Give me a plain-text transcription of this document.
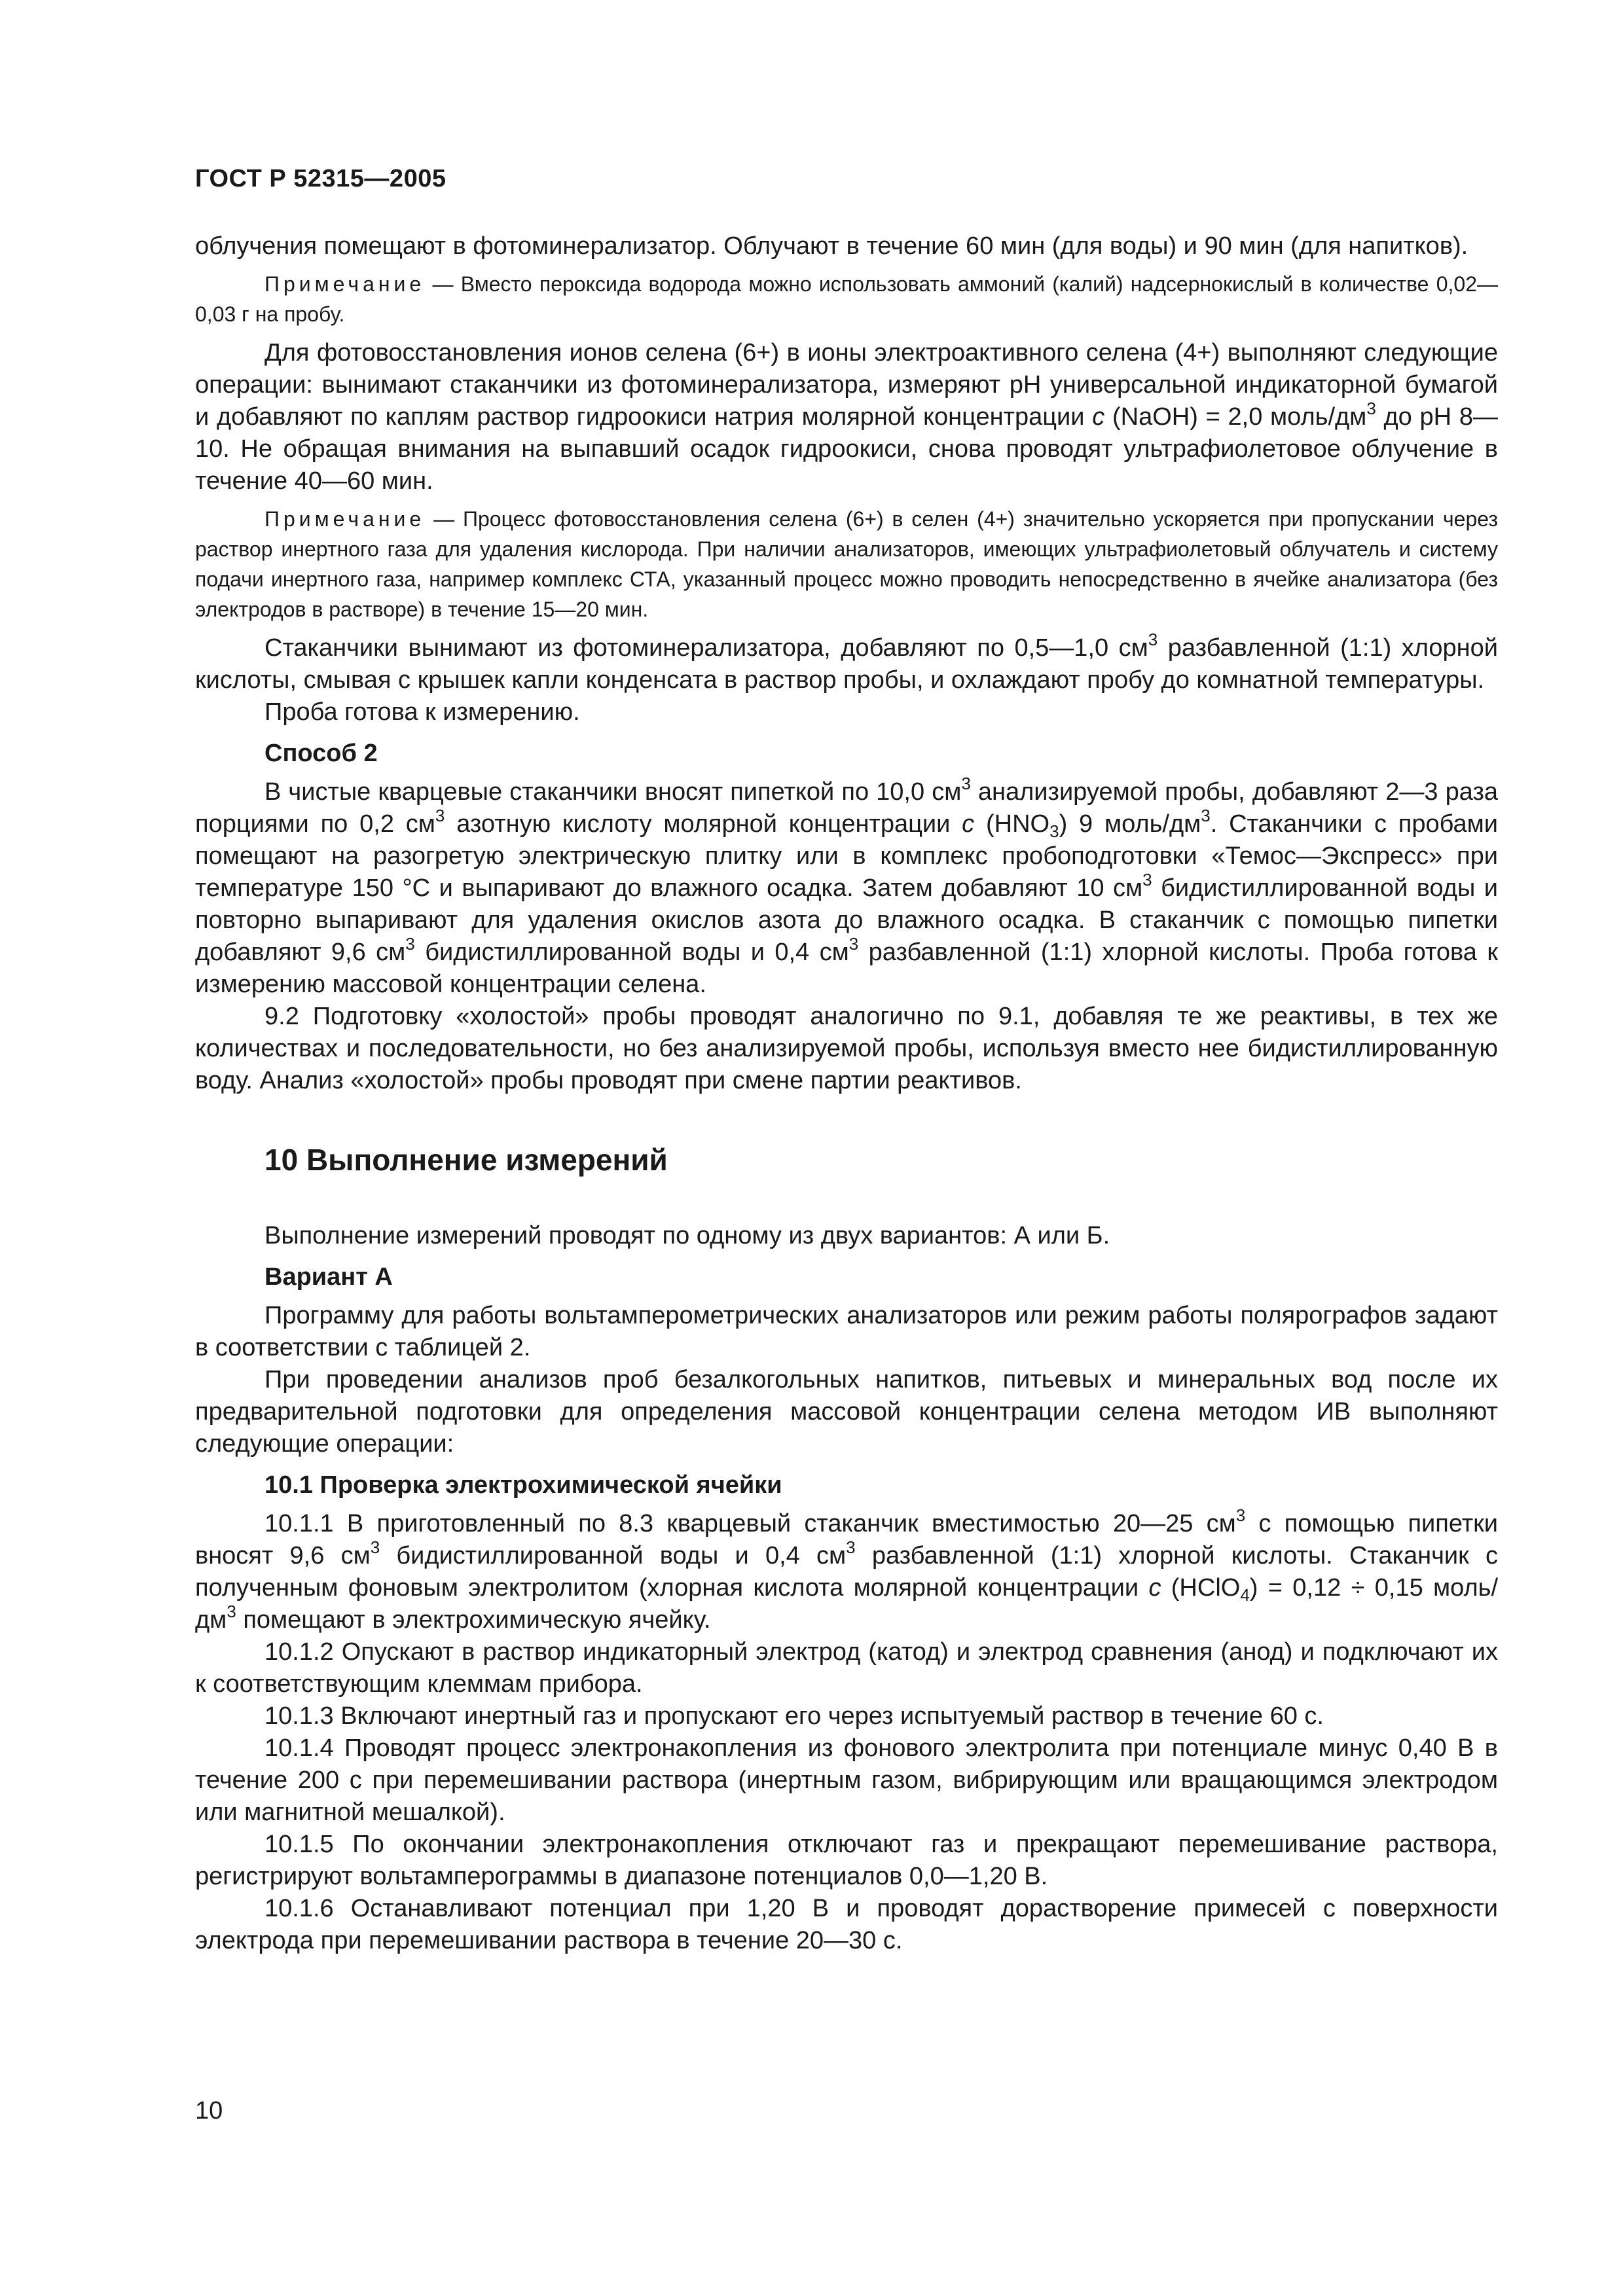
ГОСТ Р 52315—2005

облучения помещают в фотоминерализатор. Облучают в течение 60 мин (для воды) и 90 мин (для напитков).

Примечание — Вместо пероксида водорода можно использовать аммоний (калий) надсернокислый в количестве 0,02—0,03 г на пробу.

Для фотовосстановления ионов селена (6+) в ионы электроактивного селена (4+) выполняют следующие операции: вынимают стаканчики из фотоминерализатора, измеряют pH универсальной индикаторной бумагой и добавляют по каплям раствор гидроокиси натрия молярной концентрации c (NaOH) = 2,0 моль/$дм^3$ до pH 8—10. Не обращая внимания на выпавший осадок гидроокиси, снова проводят ультрафиолетовое облучение в течение 40—60 мин.

Примечание — Процесс фотовосстановления селена (6+) в селен (4+) значительно ускоряется при пропускании через раствор инертного газа для удаления кислорода. При наличии анализаторов, имеющих ультрафиолетовый облучатель и систему подачи инертного газа, например комплекс СТА, указанный процесс можно проводить непосредственно в ячейке анализатора (без электродов в растворе) в течение 15—20 мин.

Стаканчики вынимают из фотоминерализатора, добавляют по 0,5—1,0 $см^3$ разбавленной (1:1) хлорной кислоты, смывая с крышек капли конденсата в раствор пробы, и охлаждают пробу до комнатной температуры.

Проба готова к измерению.

Способ 2

В чистые кварцевые стаканчики вносят пипеткой по 10,0 $см^3$ анализируемой пробы, добавляют 2—3 раза порциями по 0,2 $см^3$ азотную кислоту молярной концентрации c $(HNO_3)$ 9 моль/$дм^3$. Стаканчики с пробами помещают на разогретую электрическую плитку или в комплекс пробоподготовки «Темос—Экспресс» при температуре 150 °С и выпаривают до влажного осадка. Затем добавляют 10 $см^3$ бидистиллированной воды и повторно выпаривают для удаления окислов азота до влажного осадка. В стаканчик с помощью пипетки добавляют 9,6 $см^3$ бидистиллированной воды и 0,4 $см^3$ разбавленной (1:1) хлорной кислоты. Проба готова к измерению массовой концентрации селена.

9.2 Подготовку «холостой» пробы проводят аналогично по 9.1, добавляя те же реактивы, в тех же количествах и последовательности, но без анализируемой пробы, используя вместо нее бидистиллированную воду. Анализ «холостой» пробы проводят при смене партии реактивов.

10 Выполнение измерений

Выполнение измерений проводят по одному из двух вариантов: А или Б.

Вариант А

Программу для работы вольтамперометрических анализаторов или режим работы полярографов задают в соответствии с таблицей 2.

При проведении анализов проб безалкогольных напитков, питьевых и минеральных вод после их предварительной подготовки для определения массовой концентрации селена методом ИВ выполняют следующие операции:

10.1 Проверка электрохимической ячейки

10.1.1 В приготовленный по 8.3 кварцевый стаканчик вместимостью 20—25 $см^3$ с помощью пипетки вносят 9,6 $см^3$ бидистиллированной воды и 0,4 $см^3$ разбавленной (1:1) хлорной кислоты. Стаканчик с полученным фоновым электролитом (хлорная кислота молярной концентрации c (HClO$_4$) = 0,12 ÷ 0,15 моль/$дм^3$ помещают в электрохимическую ячейку.

10.1.2 Опускают в раствор индикаторный электрод (катод) и электрод сравнения (анод) и подключают их к соответствующим клеммам прибора.

10.1.3 Включают инертный газ и пропускают его через испытуемый раствор в течение 60 с.

10.1.4 Проводят процесс электронакопления из фонового электролита при потенциале минус 0,40 В в течение 200 с при перемешивании раствора (инертным газом, вибрирующим или вращающимся электродом или магнитной мешалкой).

10.1.5 По окончании электронакопления отключают газ и прекращают перемешивание раствора, регистрируют вольтамперограммы в диапазоне потенциалов 0,0—1,20 В.

10.1.6 Останавливают потенциал при 1,20 В и проводят дорастворение примесей с поверхности электрода при перемешивании раствора в течение 20—30 с.

10
